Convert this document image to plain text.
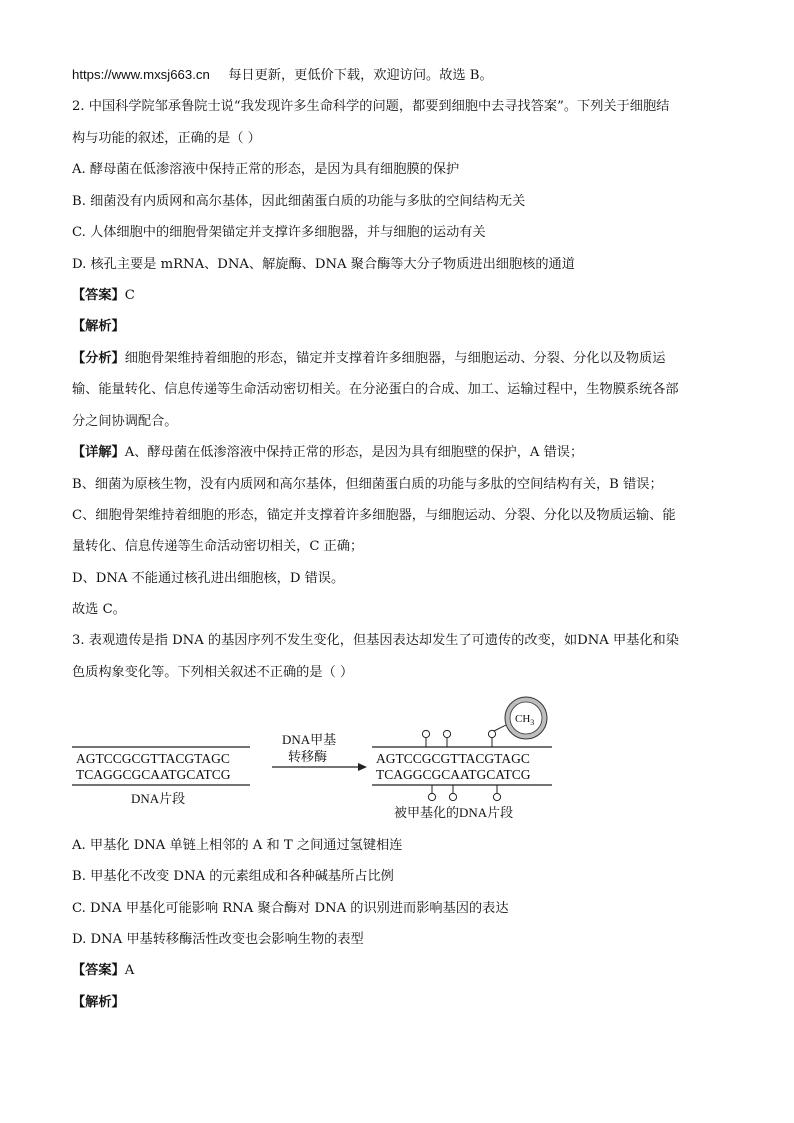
https://www.mxsj663.cn 每日更新，更低价下载，欢迎访问。故选 B。
2. 中国科学院邹承鲁院士说“我发现许多生命科学的问题，都要到细胞中去寻找答案”。下列关于细胞结
构与功能的叙述，正确的是（ ）
A. 酵母菌在低渗溶液中保持正常的形态，是因为具有细胞膜的保护
B. 细菌没有内质网和高尔基体，因此细菌蛋白质的功能与多肽的空间结构无关
C. 人体细胞中的细胞骨架锚定并支撑许多细胞器，并与细胞的运动有关
D. 核孔主要是 mRNA、DNA、解旋酶、DNA 聚合酶等大分子物质进出细胞核的通道
【答案】C
【解析】
【分析】细胞骨架维持着细胞的形态，锚定并支撑着许多细胞器，与细胞运动、分裂、分化以及物质运
输、能量转化、信息传递等生命活动密切相关。在分泌蛋白的合成、加工、运输过程中，生物膜系统各部
分之间协调配合。
【详解】A、酵母菌在低渗溶液中保持正常的形态，是因为具有细胞壁的保护，A 错误；
B、细菌为原核生物，没有内质网和高尔基体，但细菌蛋白质的功能与多肽的空间结构有关，B 错误；
C、细胞骨架维持着细胞的形态，锚定并支撑着许多细胞器，与细胞运动、分裂、分化以及物质运输、能
量转化、信息传递等生命活动密切相关，C 正确；
D、DNA 不能通过核孔进出细胞核，D 错误。
故选 C。
3. 表观遗传是指 DNA 的基因序列不发生变化，但基因表达却发生了可遗传的改变，如DNA 甲基化和染
色质构象变化等。下列相关叙述不正确的是（ ）
AGTCCGCGTTACGTAGC
TCAGGCGCAATGCATCG
DNA片段
DNA甲基
转移酶	AGTCCGCGTTACGTAGC
TCAGGCGCAATGCATCG
$CH_3$
被甲基化的DNA片段
A. 甲基化 DNA 单链上相邻的 A 和 T 之间通过氢键相连
B. 甲基化不改变 DNA 的元素组成和各种碱基所占比例
C. DNA 甲基化可能影响 RNA 聚合酶对 DNA 的识别进而影响基因的表达
D. DNA 甲基转移酶活性改变也会影响生物的表型
【答案】A
【解析】
